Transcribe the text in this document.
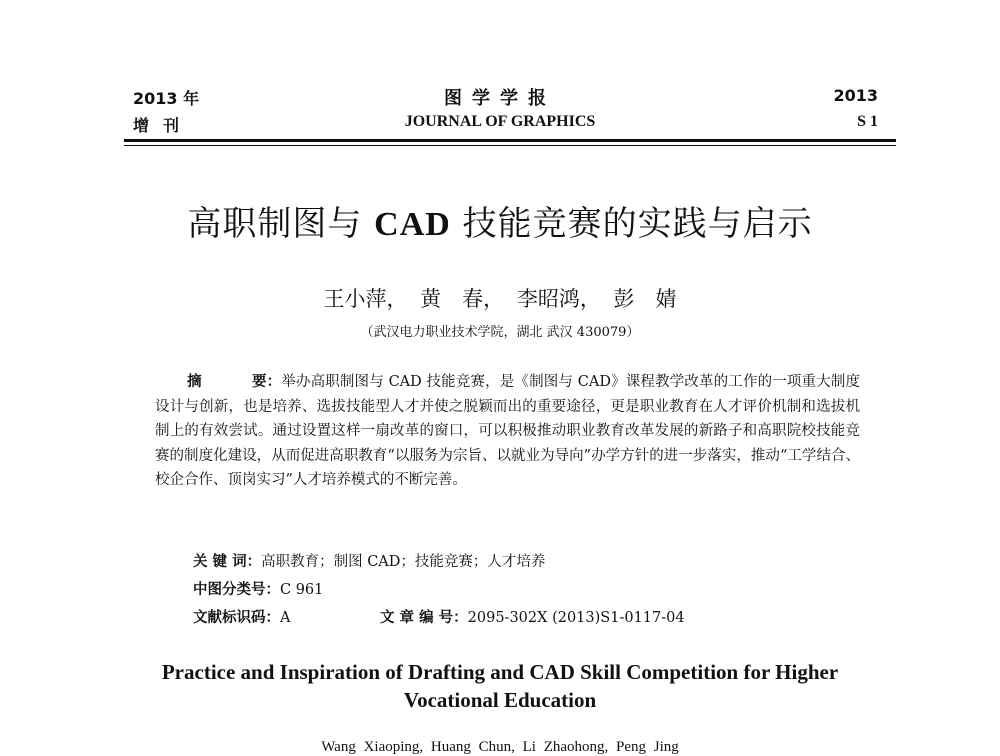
2013 年
增刊
图学学报
JOURNAL OF GRAPHICS
2013
S 1
高职制图与 CAD 技能竞赛的实践与启示
王小萍， 黄　春， 李昭鸿， 彭　婧
（武汉电力职业技术学院，湖北 武汉 430079）
摘	要：举办高职制图与 CAD 技能竞赛，是《制图与 CAD》课程教学改革的工作的一项重大制度设计与创新，也是培养、选拔技能型人才并使之脱颖而出的重要途径，更是职业教育在人才评价机制和选拔机制上的有效尝试。通过设置这样一扇改革的窗口，可以积极推动职业教育改革发展的新路子和高职院校技能竞赛的制度化建设，从而促进高职教育“以服务为宗旨、以就业为导向”办学方针的进一步落实，推动“工学结合、校企合作、顶岗实习”人才培养模式的不断完善。
关 键 词：高职教育；制图 CAD；技能竞赛；人才培养
中图分类号：C 961
文献标识码：A	文 章 编 号：2095-302X (2013)S1-0117-04
Practice and Inspiration of Drafting and CAD Skill Competition for Higher
Vocational Education
Wang Xiaoping, Huang Chun, Li Zhaohong, Peng Jing
